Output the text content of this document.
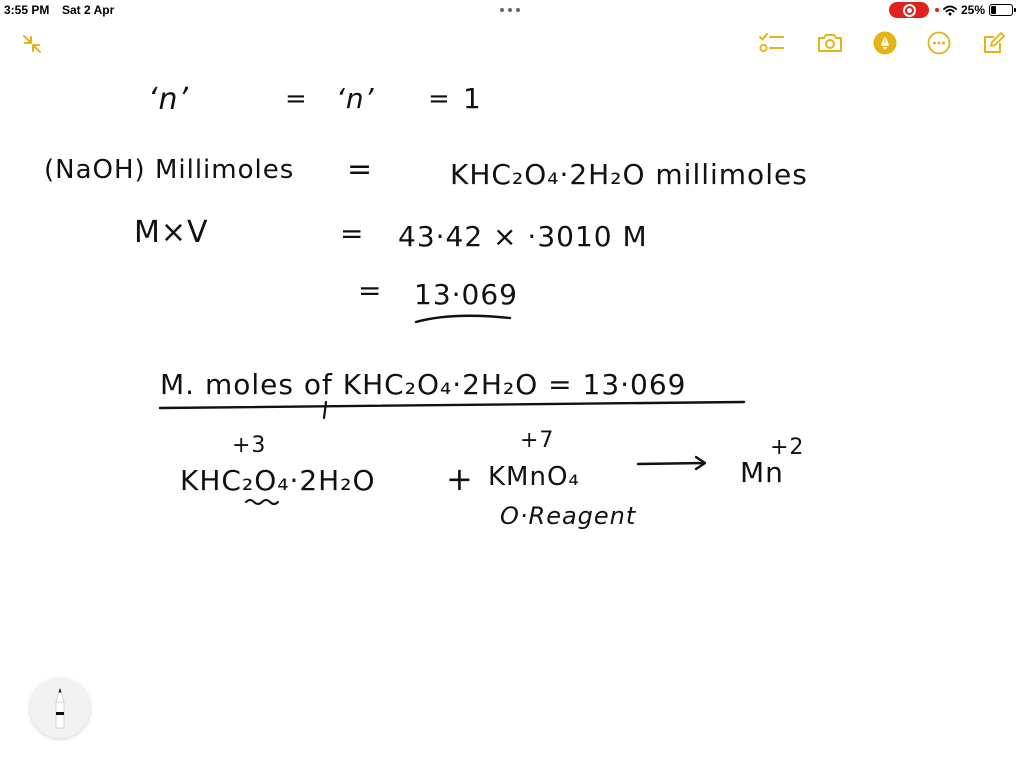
3:55 PM Sat 2 Apr	25%
‘n’	= ‘n’ = 1
(NaOH) Millimoles =	KHC₂O₄·2H₂O millimoles
M×V	= 43·42 × ·3010 M
= 13·069
M. moles of KHC₂O₄·2H₂O = 13·069
+3
KHC₂O₄·2H₂O +
+7
KMnO₄	Mn
+2
O·Reagent
